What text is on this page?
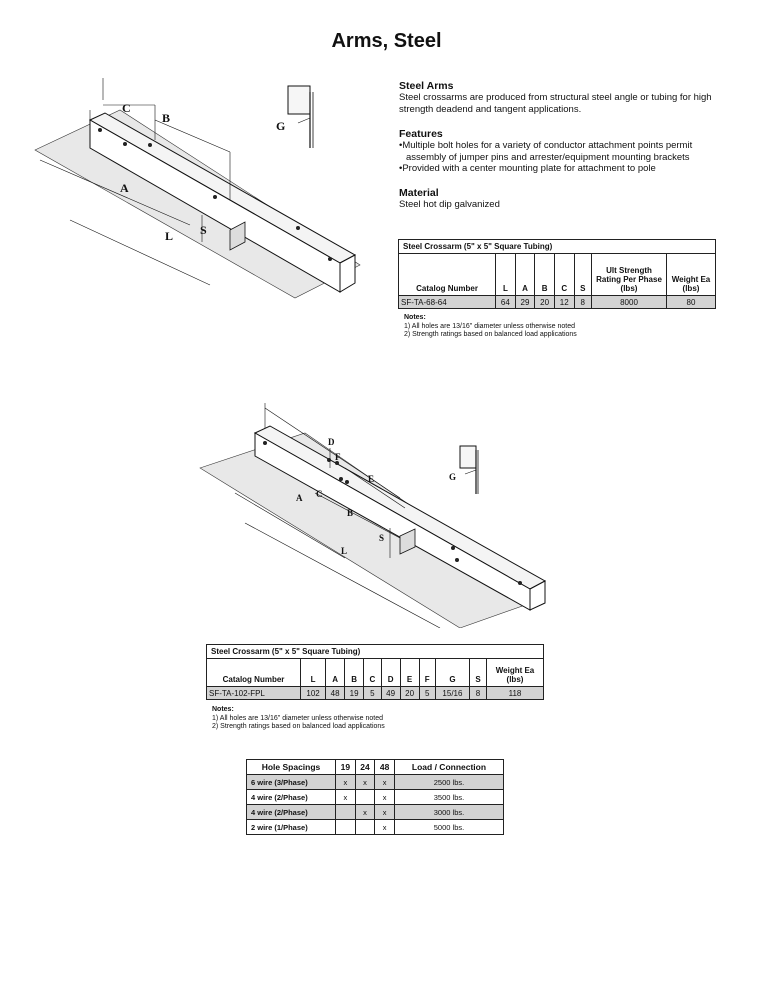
Arms, Steel
C
B
A
L S
G

Steel Arms

Steel crossarms are produced from structural steel angle or tubing for high strength deadend and tangent applications.

Features

• Multiple bolt holes for a variety of conductor attachment points permit assembly of jumper pins and arrester/equipment mounting brackets
• Provided with a center mounting plate for attachment to pole

Material

Steel hot dip galvanized

Steel Crossarm (5" x 5" Square Tubing)							
Catalog Number	L	A	B	C	S	Ult Strength Rating Per Phase (lbs)	Weight Ea (lbs)
SF-TA-68-64	64	29	20	12	8	8000	80
Notes:
1) All holes are 13/16" diameter unless otherwise noted
2) Strength ratings based on balanced load applications
D
F
E
A C
B
L
S
G
Steel Crossarm (5" x 5" Square Tubing)										
Catalog Number	L	A	B	C	D	E	F	G	S	Weight Ea (lbs)
SF-TA-102-FPL	102	48	19	5	49	20	5	15/16	8	118
Notes:
1) All holes are 13/16" diameter unless otherwise noted
2) Strength ratings based on balanced load applications
Hole Spacings	19	24	48	Load / Connection
6 wire (3/Phase)	x	x	x	2500 lbs.
4 wire (2/Phase)	x		x	3500 lbs.
4 wire (2/Phase)		x	x	3000 lbs.
2 wire (1/Phase)			x	5000 lbs.
